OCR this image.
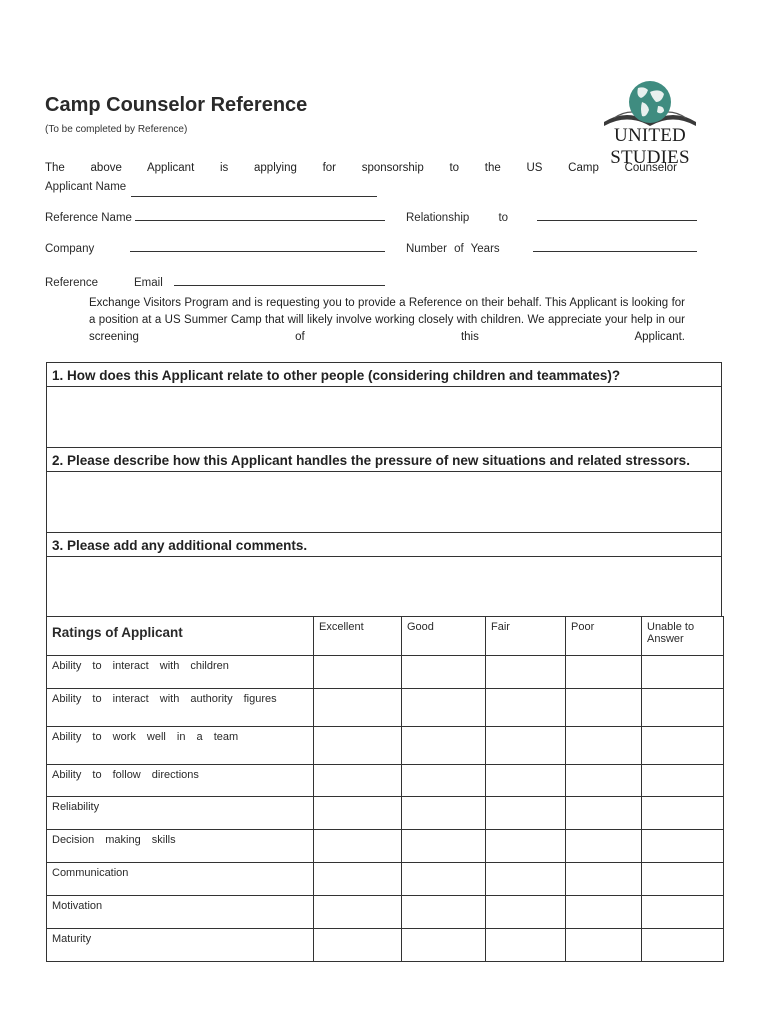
Camp Counselor Reference
(To be completed by Reference)	UNITED STUDIES
The above Applicant is applying for sponsorship to the US Camp Counselor
Applicant Name
Reference Name	Relationship to
Company	Number of Years
Reference	Email
Exchange Visitors Program and is requesting you to provide a Reference on their behalf. This Applicant is looking for a position at a US Summer Camp that will likely involve working closely with children. We appreciate your help in our screening of this Applicant.
1. How does this Applicant relate to other people (considering children and teammates)?
2. Please describe how this Applicant handles the pressure of new situations and related stressors.
3. Please add any additional comments.
Ratings of Applicant	Excellent	Good	Fair	Poor	Unable to Answer
Ability to interact with children					
Ability to interact with authority figures					
Ability to work well in a team					
Ability to follow directions					
Reliability					
Decision making skills					
Communication					
Motivation					
Maturity					
